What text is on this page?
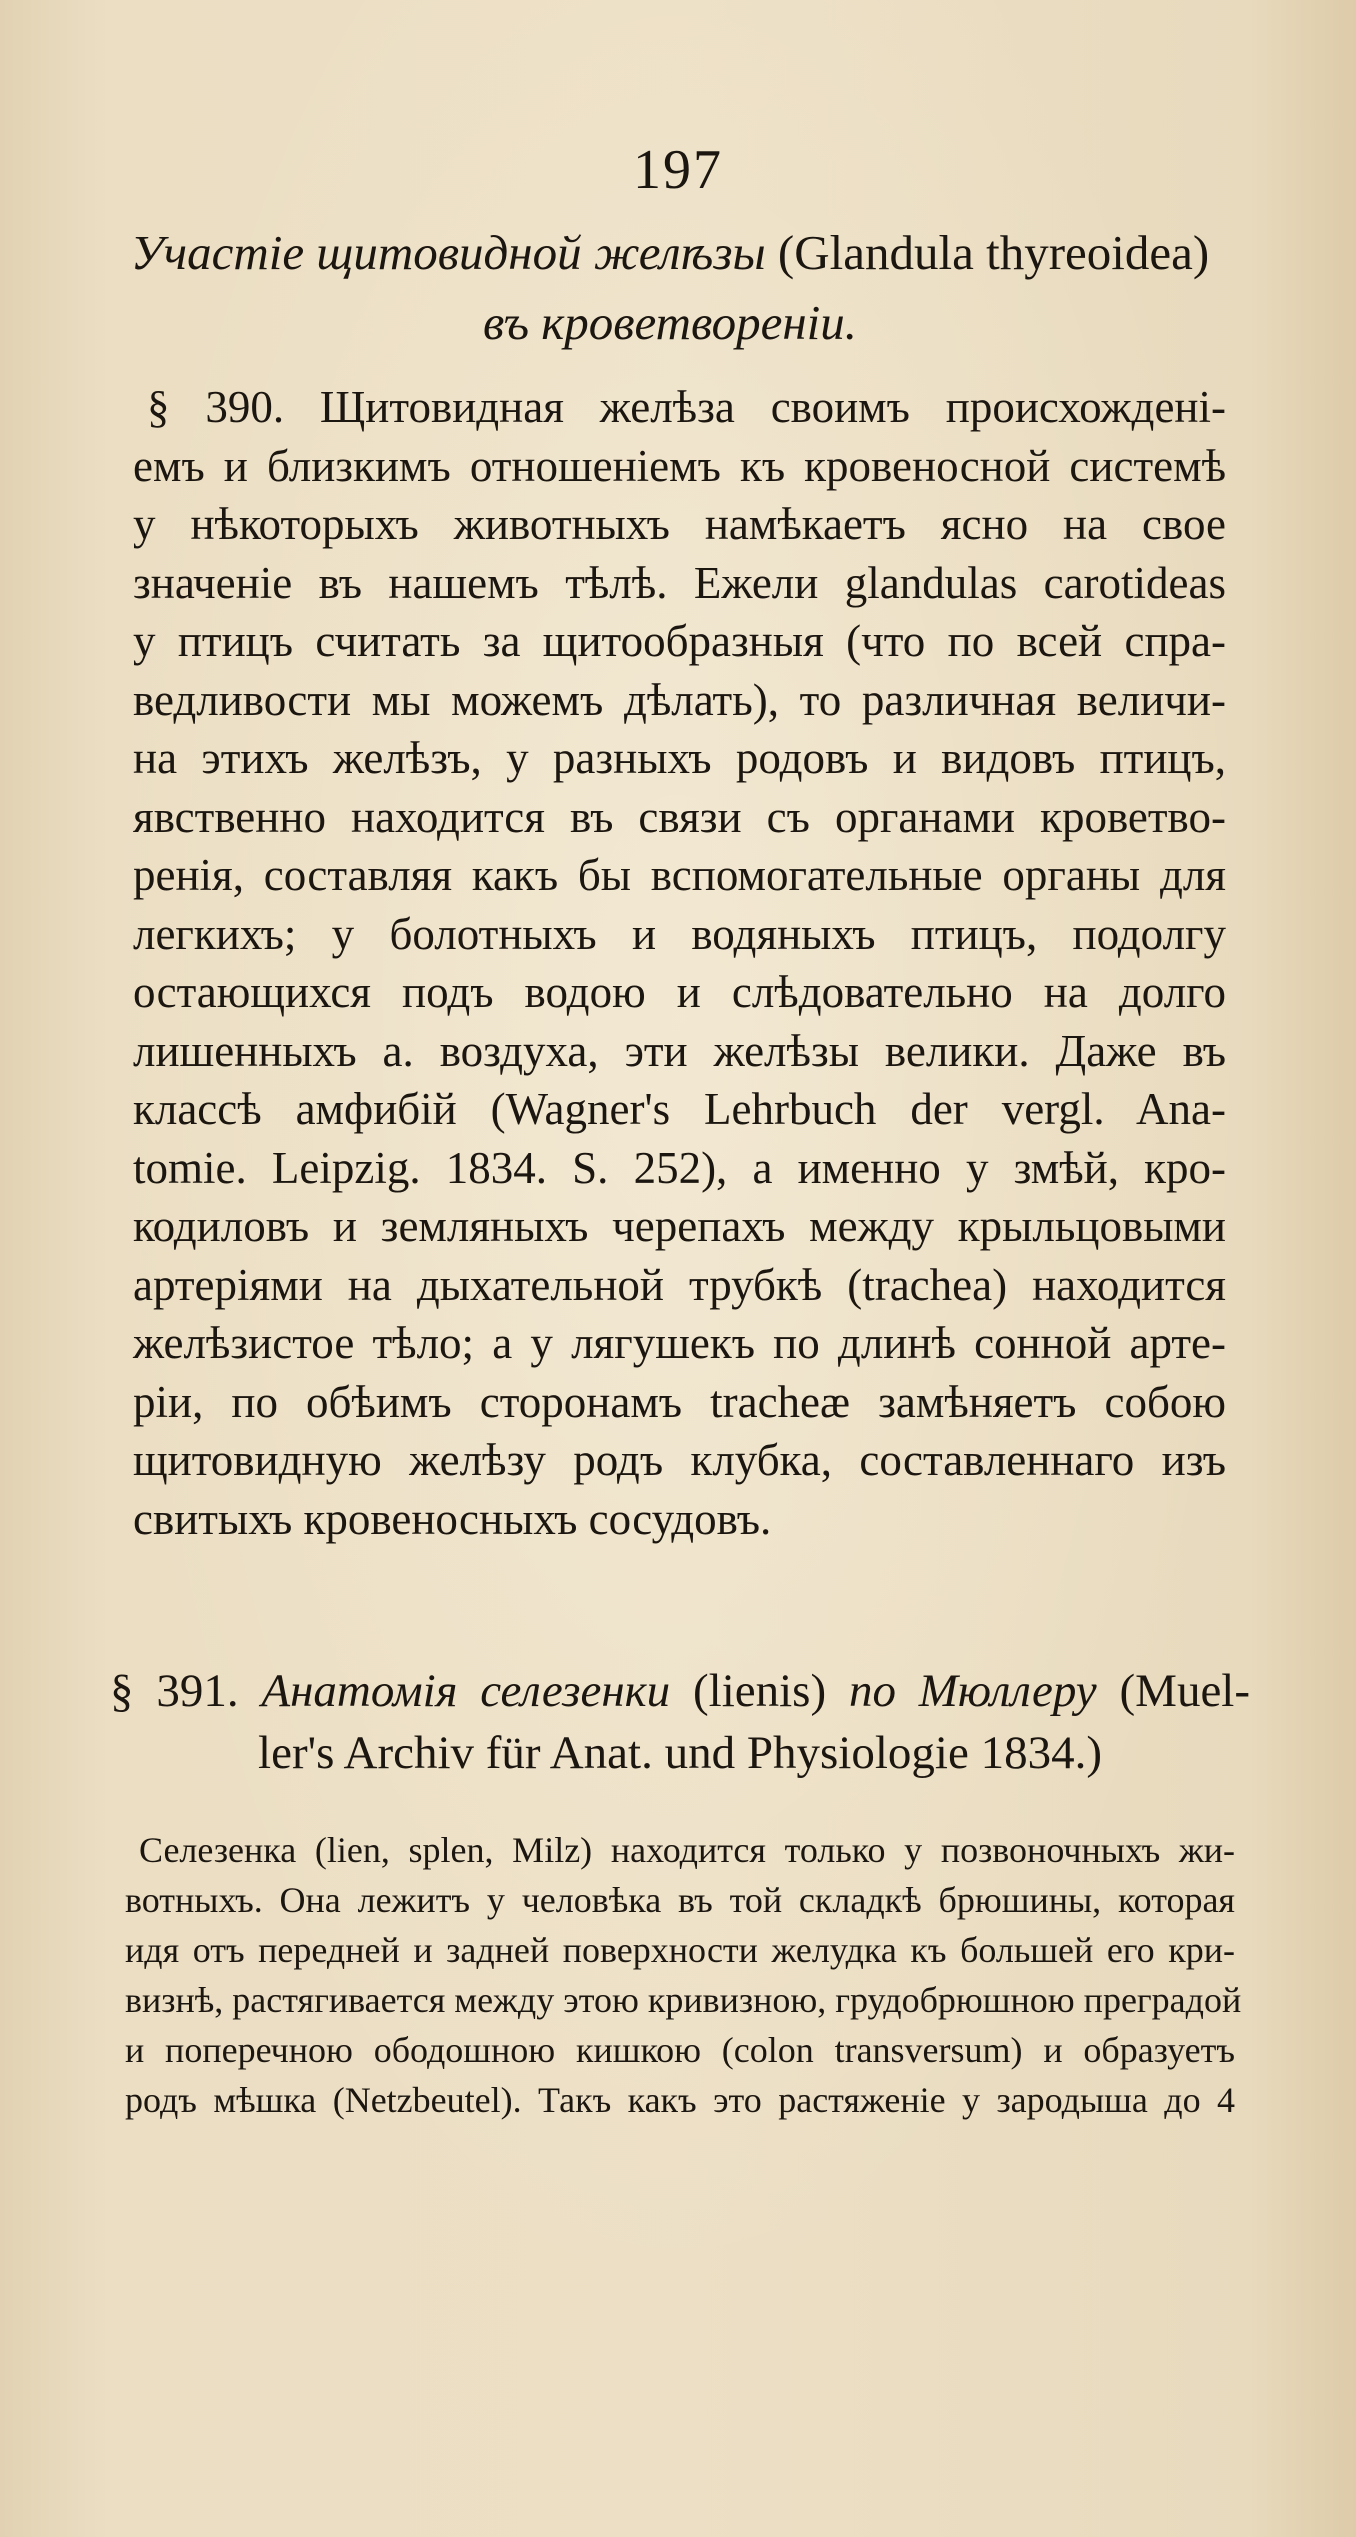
197
Участiе щитовидной желѣзы (Glandula thyreoidea)
въ кроветворенiи.
§ 390. Щитовидная желѣза своимъ происхожденi-
емъ и близкимъ отношенiемъ къ кровеносной системѣ
у нѣкоторыхъ животныхъ намѣкаетъ ясно на свое
значенiе въ нашемъ тѣлѣ. Ежели glandulas carotideas
у птицъ считать за щитообразныя (что по всей спра-
ведливости мы можемъ дѣлать), то различная величи-
на этихъ желѣзъ, у разныхъ родовъ и видовъ птицъ,
явственно находится въ связи съ органами кроветво-
ренiя, составляя какъ бы вспомогательные органы для
легкихъ; у болотныхъ и водяныхъ птицъ, подолгу
остающихся подъ водою и слѣдовательно на долго
лишенныхъ а. воздуха, эти желѣзы велики. Даже въ
классѣ амфибiй (Wagner's Lehrbuch der vergl. Ana-
tomie. Leipzig. 1834. S. 252), а именно у змѣй, кро-
кодиловъ и земляныхъ черепахъ между крыльцовыми
артерiями на дыхательной трубкѣ (trachea) находится
желѣзистое тѣло; а у лягушекъ по длинѣ сонной арте-
рiи, по обѣимъ сторонамъ tracheæ замѣняетъ собою
щитовидную желѣзу родъ клубка, составленнаго изъ
свитыхъ кровеносныхъ сосудовъ.
§ 391. Анатомiя селезенки (lienis) по Мюллеру (Muel-
ler's Archiv für Anat. und Physiologie 1834.)
Селезенка (lien, splen, Milz) находится только у позвоночныхъ жи-
вотныхъ. Она лежитъ у человѣка въ той складкѣ брюшины, которая
идя отъ передней и задней поверхности желудка къ большей его кри-
визнѣ, растягивается между этою кривизною, грудобрюшною преградой
и поперечною ободошною кишкою (colon transversum) и образуетъ
родъ мѣшка (Netzbeutel). Такъ какъ это растяженiе у зародыша до 4
